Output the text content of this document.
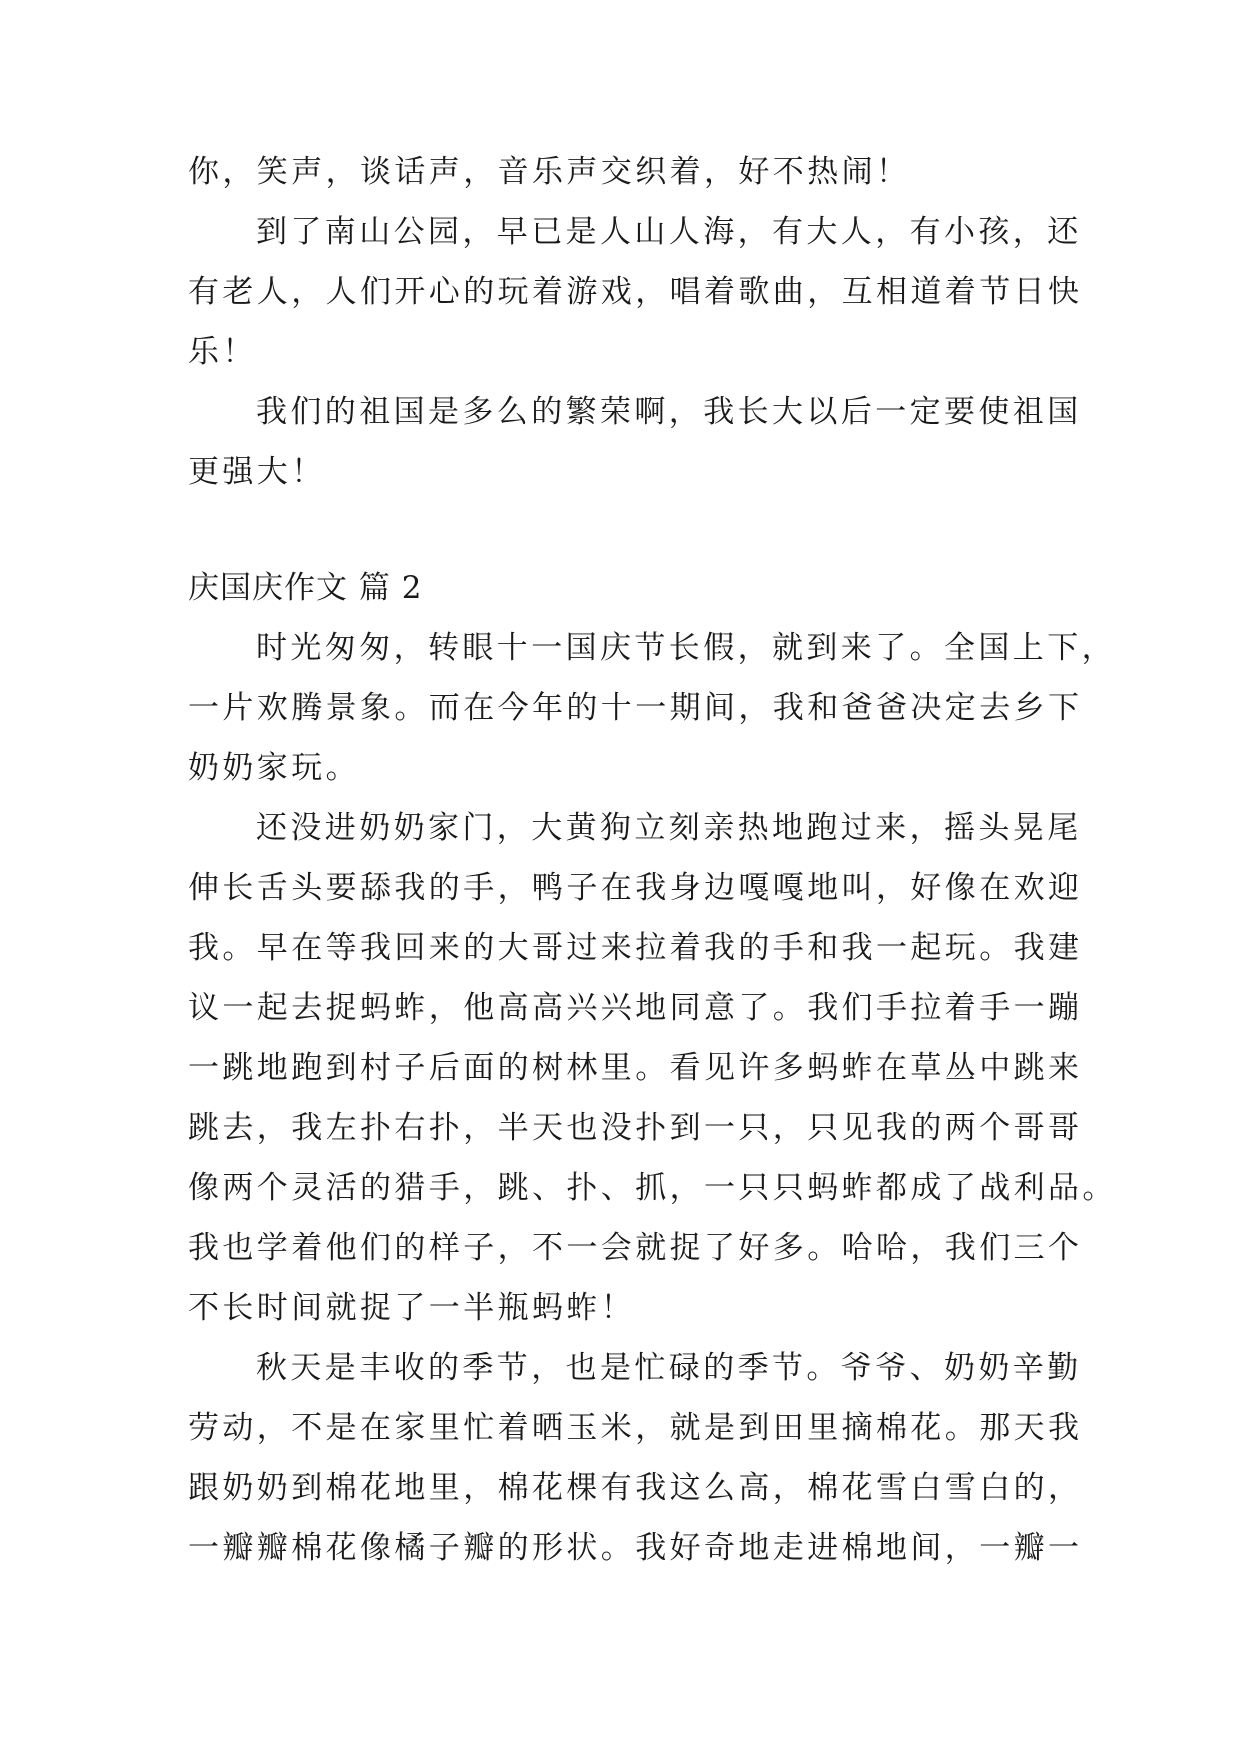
你，笑声，谈话声，音乐声交织着，好不热闹！
到了南山公园，早已是人山人海，有大人，有小孩，还
有老人，人们开心的玩着游戏，唱着歌曲，互相道着节日快
乐！
我们的祖国是多么的繁荣啊，我长大以后一定要使祖国
更强大！
庆国庆作文 篇 2
时光匆匆，转眼十一国庆节长假，就到来了。全国上下，
一片欢腾景象。而在今年的十一期间，我和爸爸决定去乡下
奶奶家玩。
还没进奶奶家门，大黄狗立刻亲热地跑过来，摇头晃尾
伸长舌头要舔我的手，鸭子在我身边嘎嘎地叫，好像在欢迎
我。早在等我回来的大哥过来拉着我的手和我一起玩。我建
议一起去捉蚂蚱，他高高兴兴地同意了。我们手拉着手一蹦
一跳地跑到村子后面的树林里。看见许多蚂蚱在草丛中跳来
跳去，我左扑右扑，半天也没扑到一只，只见我的两个哥哥
像两个灵活的猎手，跳、扑、抓，一只只蚂蚱都成了战利品。
我也学着他们的样子，不一会就捉了好多。哈哈，我们三个
不长时间就捉了一半瓶蚂蚱！
秋天是丰收的季节，也是忙碌的季节。爷爷、奶奶辛勤
劳动，不是在家里忙着晒玉米，就是到田里摘棉花。那天我
跟奶奶到棉花地里，棉花棵有我这么高，棉花雪白雪白的，
一瓣瓣棉花像橘子瓣的形状。我好奇地走进棉地间，一瓣一
